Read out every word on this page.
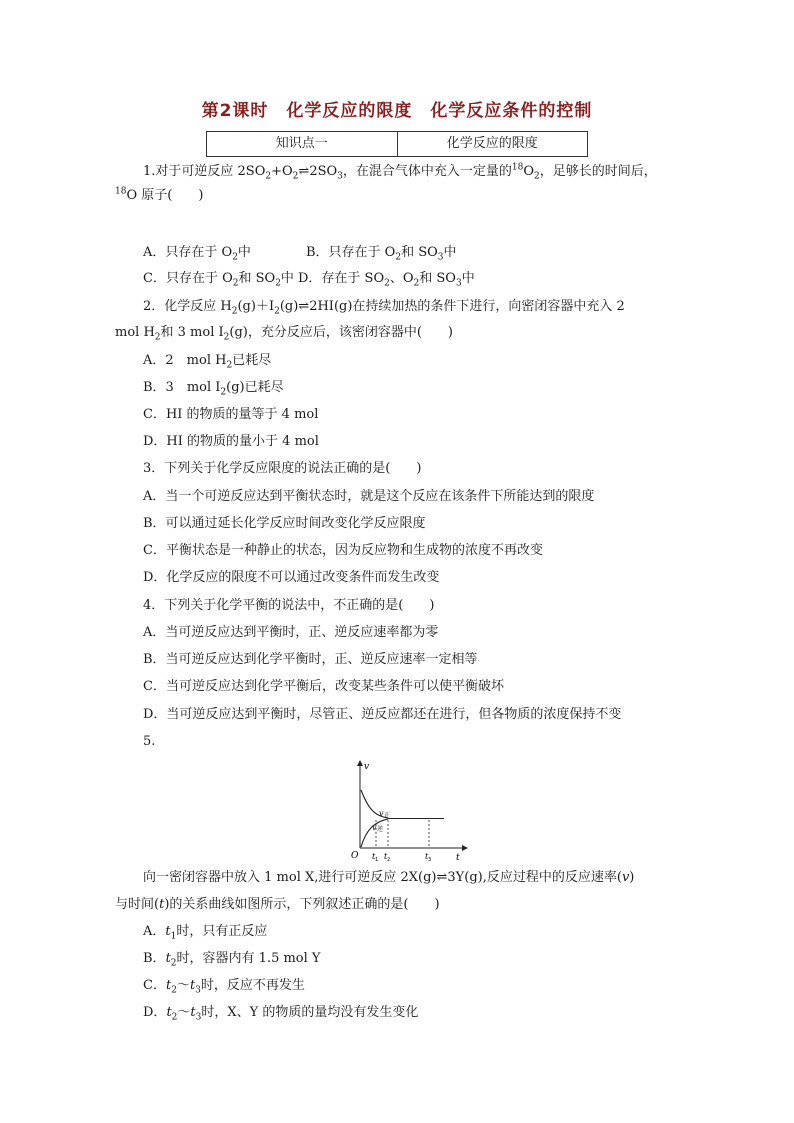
第2课时　化学反应的限度　化学反应条件的控制
知识点一	化学反应的限度
1.对于可逆反应 $2SO_2+O_2\rightleftharpoons 2SO_3$，在混合气体中充入一定量的$^{18}O_2$，足够长的时间后，
$^{18}$O 原子(　　)
A．只存在于 $O_2$中	B．只存在于 $O_2$和 $SO_3$中
C．只存在于 $O_2$和 $SO_2$中 D．存在于 $SO_2$、$O_2$和 $SO_3$中
2．化学反应 $H_2(g)+I_2(g)\rightleftharpoons 2HI(g)$在持续加热的条件下进行，向密闭容器中充入 2
mol $H_2$和 3 mol $I_2(g)$，充分反应后，该密闭容器中(　　)
A．2　mol $H_2$已耗尽
B．3　mol $I_2(g)$已耗尽
C．HI 的物质的量等于 4 mol
D．HI 的物质的量小于 4 mol
3．下列关于化学反应限度的说法正确的是(　　)
A．当一个可逆反应达到平衡状态时，就是这个反应在该条件下所能达到的限度
B．可以通过延长化学反应时间改变化学反应限度
C．平衡状态是一种静止的状态，因为反应物和生成物的浓度不再改变
D．化学反应的限度不可以通过改变条件而发生改变
4．下列关于化学平衡的说法中，不正确的是(　　)
A．当可逆反应达到平衡时，正、逆反应速率都为零
B．当可逆反应达到化学平衡时，正、逆反应速率一定相等
C．当可逆反应达到化学平衡后，改变某些条件可以使平衡破坏
D．当可逆反应达到平衡时，尽管正、逆反应都还在进行，但各物质的浓度保持不变
5.
v
t
O
v 正
v 逆
t 1 t 2	t 3
向一密闭容器中放入 1 mol X,进行可逆反应 2X(g)⇌3Y(g),反应过程中的反应速率(v)
与时间(t)的关系曲线如图所示，下列叙述正确的是(　　)
A．$t_1$时，只有正反应
B．$t_2$时，容器内有 1.5 mol Y
C．$t_2\sim t_3$时，反应不再发生
D．$t_2\sim t_3$时，X、Y 的物质的量均没有发生变化
